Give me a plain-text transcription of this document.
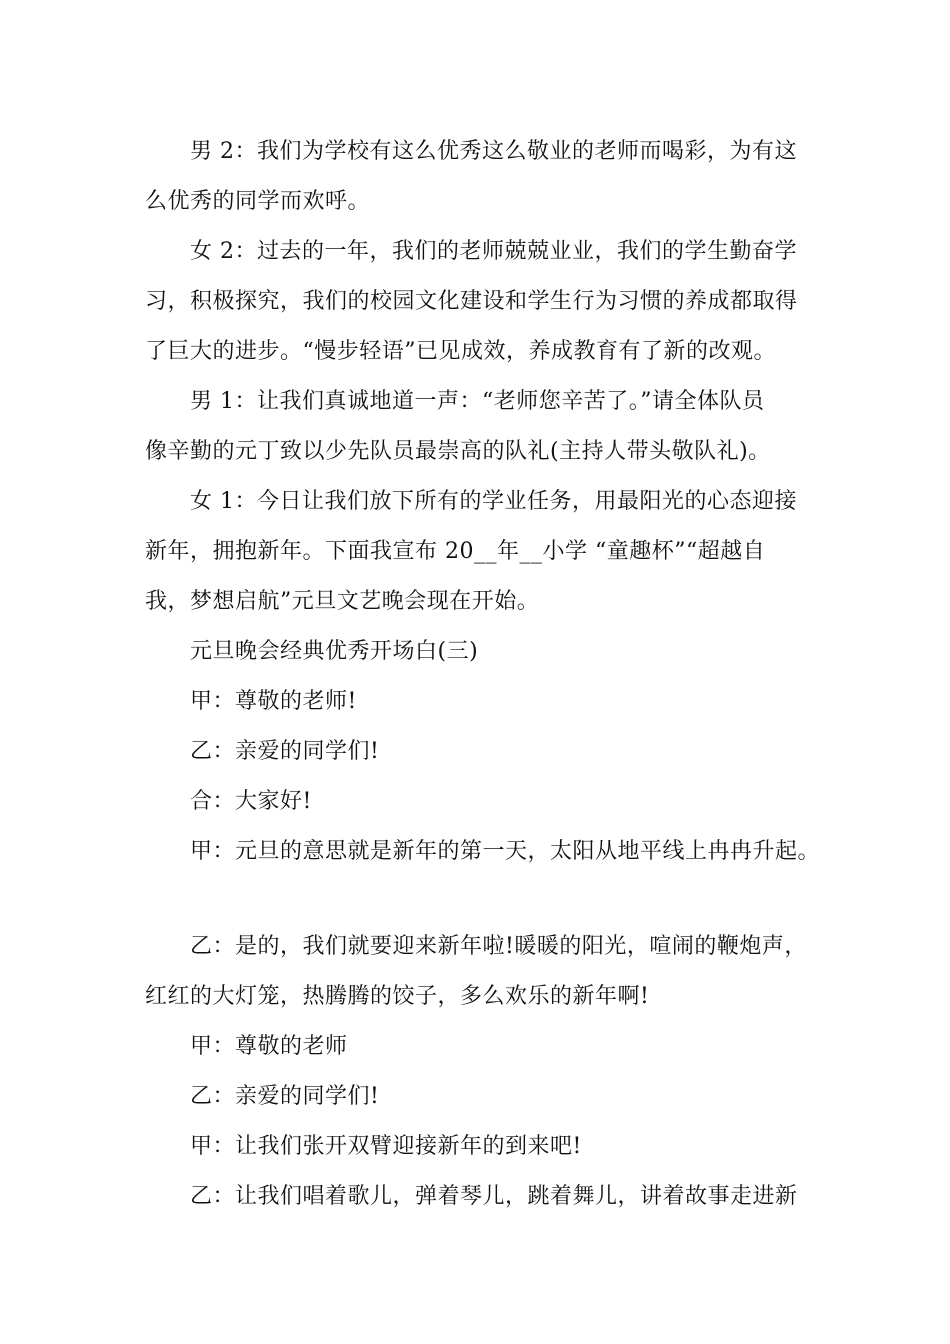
男 2：我们为学校有这么优秀这么敬业的老师而喝彩，为有这
么优秀的同学而欢呼。
女 2：过去的一年，我们的老师兢兢业业，我们的学生勤奋学
习，积极探究，我们的校园文化建设和学生行为习惯的养成都取得
了巨大的进步。“慢步轻语”已见成效，养成教育有了新的改观。
男 1：让我们真诚地道一声：“老师您辛苦了。”请全体队员
像辛勤的元丁致以少先队员最崇高的队礼(主持人带头敬队礼)。
女 1：今日让我们放下所有的学业任务，用最阳光的心态迎接
新年，拥抱新年。下面我宣布 20__年__小学 “童趣杯”“超越自
我，梦想启航”元旦文艺晚会现在开始。
元旦晚会经典优秀开场白(三)
甲：尊敬的老师!
乙：亲爱的同学们!
合：大家好!
甲：元旦的意思就是新年的第一天，太阳从地平线上冉冉升起。
乙：是的，我们就要迎来新年啦!暖暖的阳光，喧闹的鞭炮声，
红红的大灯笼，热腾腾的饺子，多么欢乐的新年啊!
甲：尊敬的老师
乙：亲爱的同学们!
甲：让我们张开双臂迎接新年的到来吧!
乙：让我们唱着歌儿，弹着琴儿，跳着舞儿，讲着故事走进新
